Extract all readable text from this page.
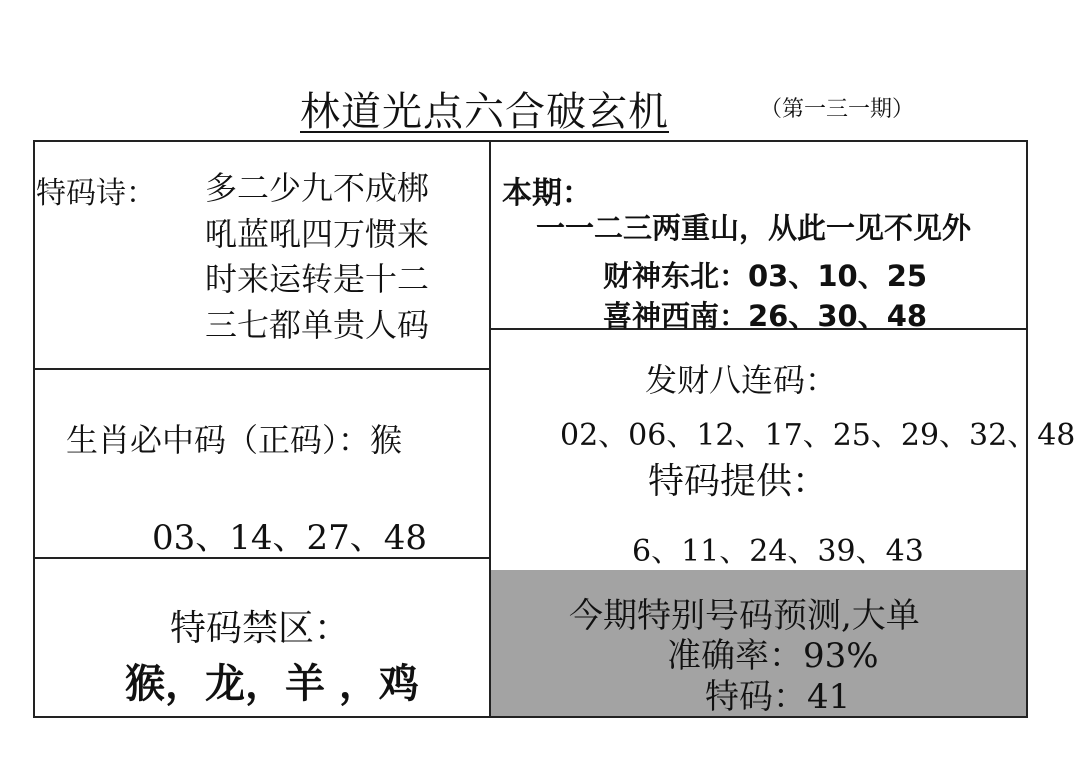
林道光点六合破玄机	（第一三一期）
特码诗： 多二少九不成梆
吼蓝吼四万惯来
时来运转是十二
三七都单贵人码
本期：
一一二三两重山，从此一见不见外
财神东北：03、10、25
喜神西南：26、30、48
生肖必中码（正码）：猴
03、14、27、48
发财八连码：
02、06、12、17、25、29、32、48
特码提供：
6、11、24、39、43
特码禁区：
猴，龙，羊 ，鸡
今期特别号码预测,大单
准确率：93%
特码：41
